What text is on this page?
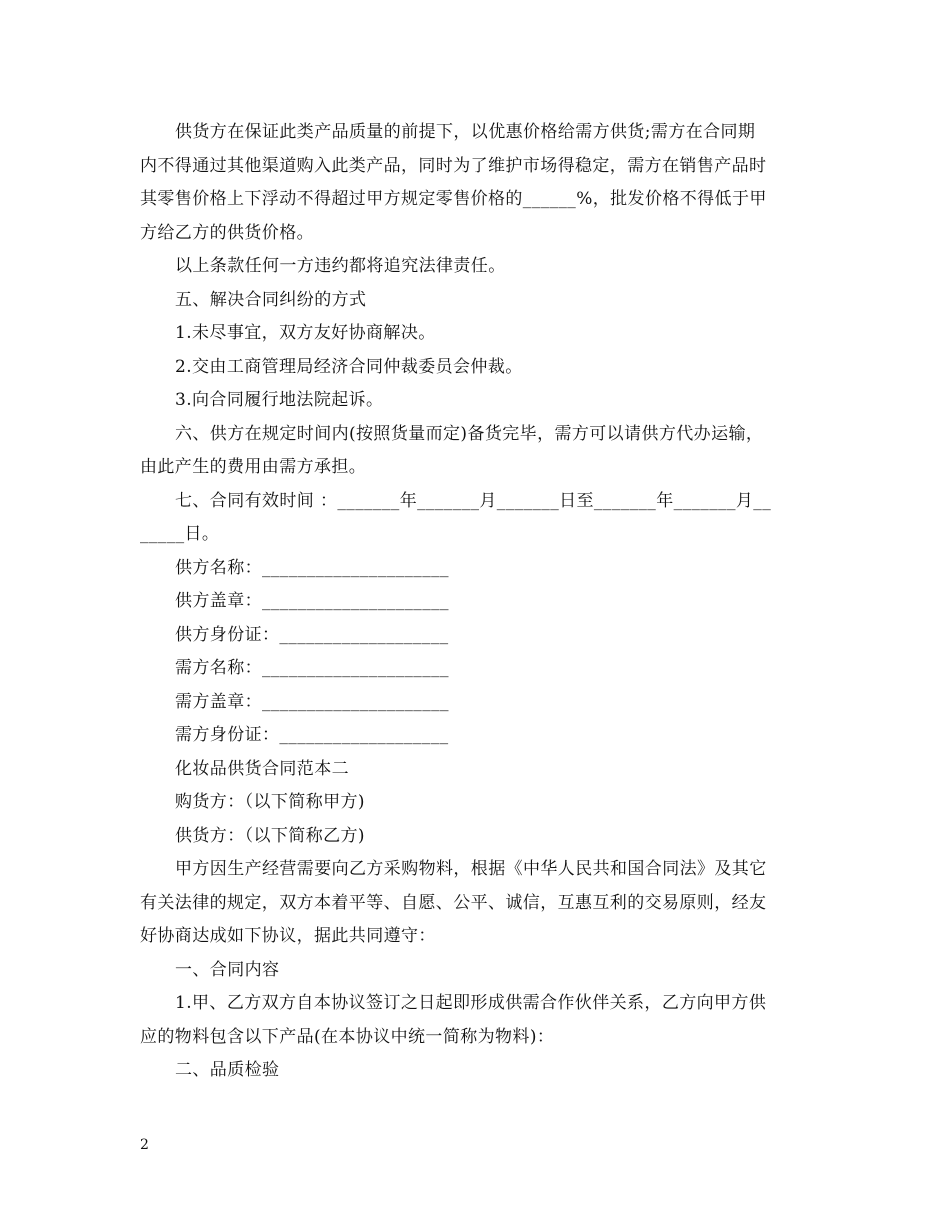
供货方在保证此类产品质量的前提下，以优惠价格给需方供货;需方在合同期

内不得通过其他渠道购入此类产品，同时为了维护市场得稳定，需方在销售产品时

其零售价格上下浮动不得超过甲方规定零售价格的______%，批发价格不得低于甲

方给乙方的供货价格。

以上条款任何一方违约都将追究法律责任。

五、解决合同纠纷的方式

1.未尽事宜，双方友好协商解决。

2.交由工商管理局经济合同仲裁委员会仲裁。

3.向合同履行地法院起诉。

六、供方在规定时间内(按照货量而定)备货完毕，需方可以请供方代办运输，

由此产生的费用由需方承担。

七、合同有效时间 ：_______年_______月_______日至_______年_______月__

_____日。

供方名称：_____________________

供方盖章：_____________________

供方身份证：___________________

需方名称：_____________________

需方盖章：_____________________

需方身份证：___________________

化妆品供货合同范本二

购货方：（以下简称甲方)

供货方：（以下简称乙方)

甲方因生产经营需要向乙方采购物料，根据《中华人民共和国合同法》及其它

有关法律的规定，双方本着平等、自愿、公平、诚信，互惠互利的交易原则，经友

好协商达成如下协议，据此共同遵守：

一、合同内容

1.甲、乙方双方自本协议签订之日起即形成供需合作伙伴关系，乙方向甲方供

应的物料包含以下产品(在本协议中统一简称为物料)：

二、品质检验

2
